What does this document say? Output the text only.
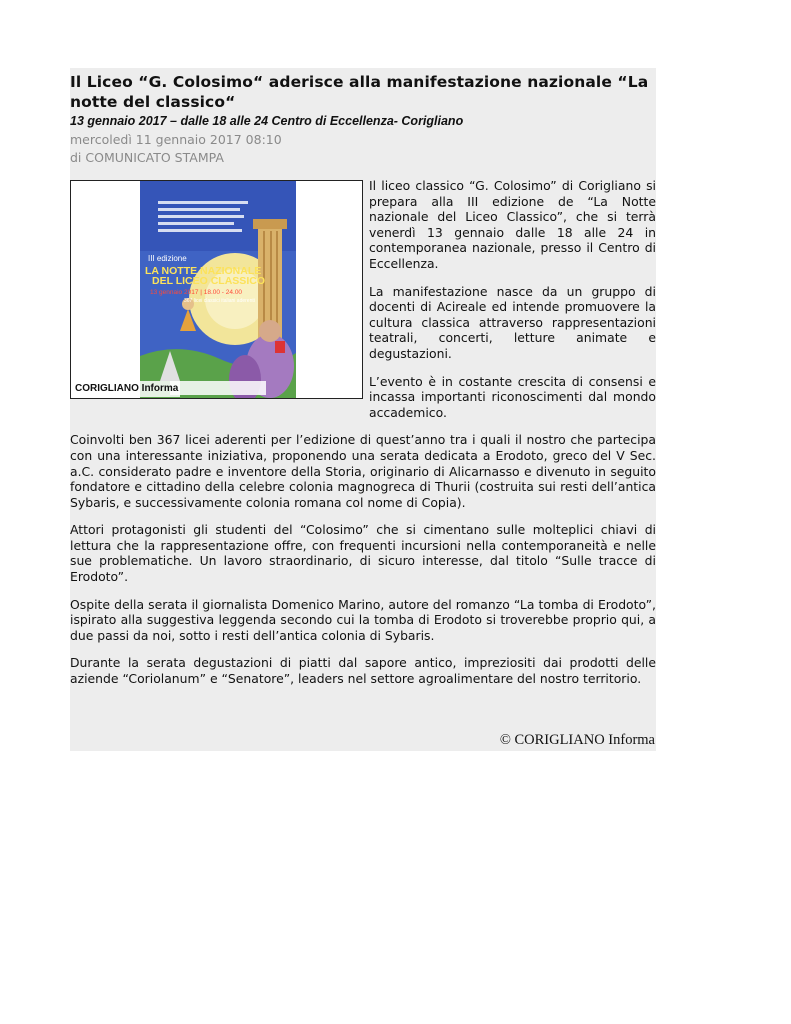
Il Liceo “G. Colosimo“ aderisce alla manifestazione nazionale “La notte del classico“
13 gennaio 2017 – dalle 18 alle 24 Centro di Eccellenza- Corigliano
mercoledì 11 gennaio 2017 08:10
di COMUNICATO STAMPA
III edizione
LA NOTTE NAZIONALE
DEL LICEO CLASSICO
13 gennaio 2017 | 18.00 - 24.00
367 licei classici italiani aderenti
CORIGLIANO Informa

Il liceo classico “G. Colosimo” di Corigliano si prepara alla III edizione de “La Notte nazionale del Liceo Classico”, che si terrà venerdì 13 gennaio dalle 18 alle 24 in contemporanea nazionale, presso il Centro di Eccellenza.

La manifestazione nasce da un gruppo di docenti di Acireale ed intende promuovere la cultura classica attraverso rappresentazioni teatrali, concerti, letture animate e degustazioni.

L’evento è in costante crescita di consensi e incassa importanti riconoscimenti dal mondo accademico.

Coinvolti ben 367 licei aderenti per l’edizione di quest’anno tra i quali il nostro che partecipa con una interessante iniziativa, proponendo una serata dedicata a Erodoto, greco del V Sec. a.C. considerato padre e inventore della Storia, originario di Alicarnasso e divenuto in seguito fondatore e cittadino della celebre colonia magnogreca di Thurii (costruita sui resti dell’antica Sybaris, e successivamente colonia romana col nome di Copia).

Attori protagonisti gli studenti del “Colosimo” che si cimentano sulle molteplici chiavi di lettura che la rappresentazione offre, con frequenti incursioni nella contemporaneità e nelle sue problematiche. Un lavoro straordinario, di sicuro interesse, dal titolo “Sulle tracce di Erodoto”.

Ospite della serata il giornalista Domenico Marino, autore del romanzo “La tomba di Erodoto”, ispirato alla suggestiva leggenda secondo cui la tomba di Erodoto si troverebbe proprio qui, a due passi da noi, sotto i resti dell’antica colonia di Sybaris.

Durante la serata degustazioni di piatti dal sapore antico, impreziositi dai prodotti delle aziende “Coriolanum” e “Senatore”, leaders nel settore agroalimentare del nostro territorio.

© CORIGLIANO Informa
